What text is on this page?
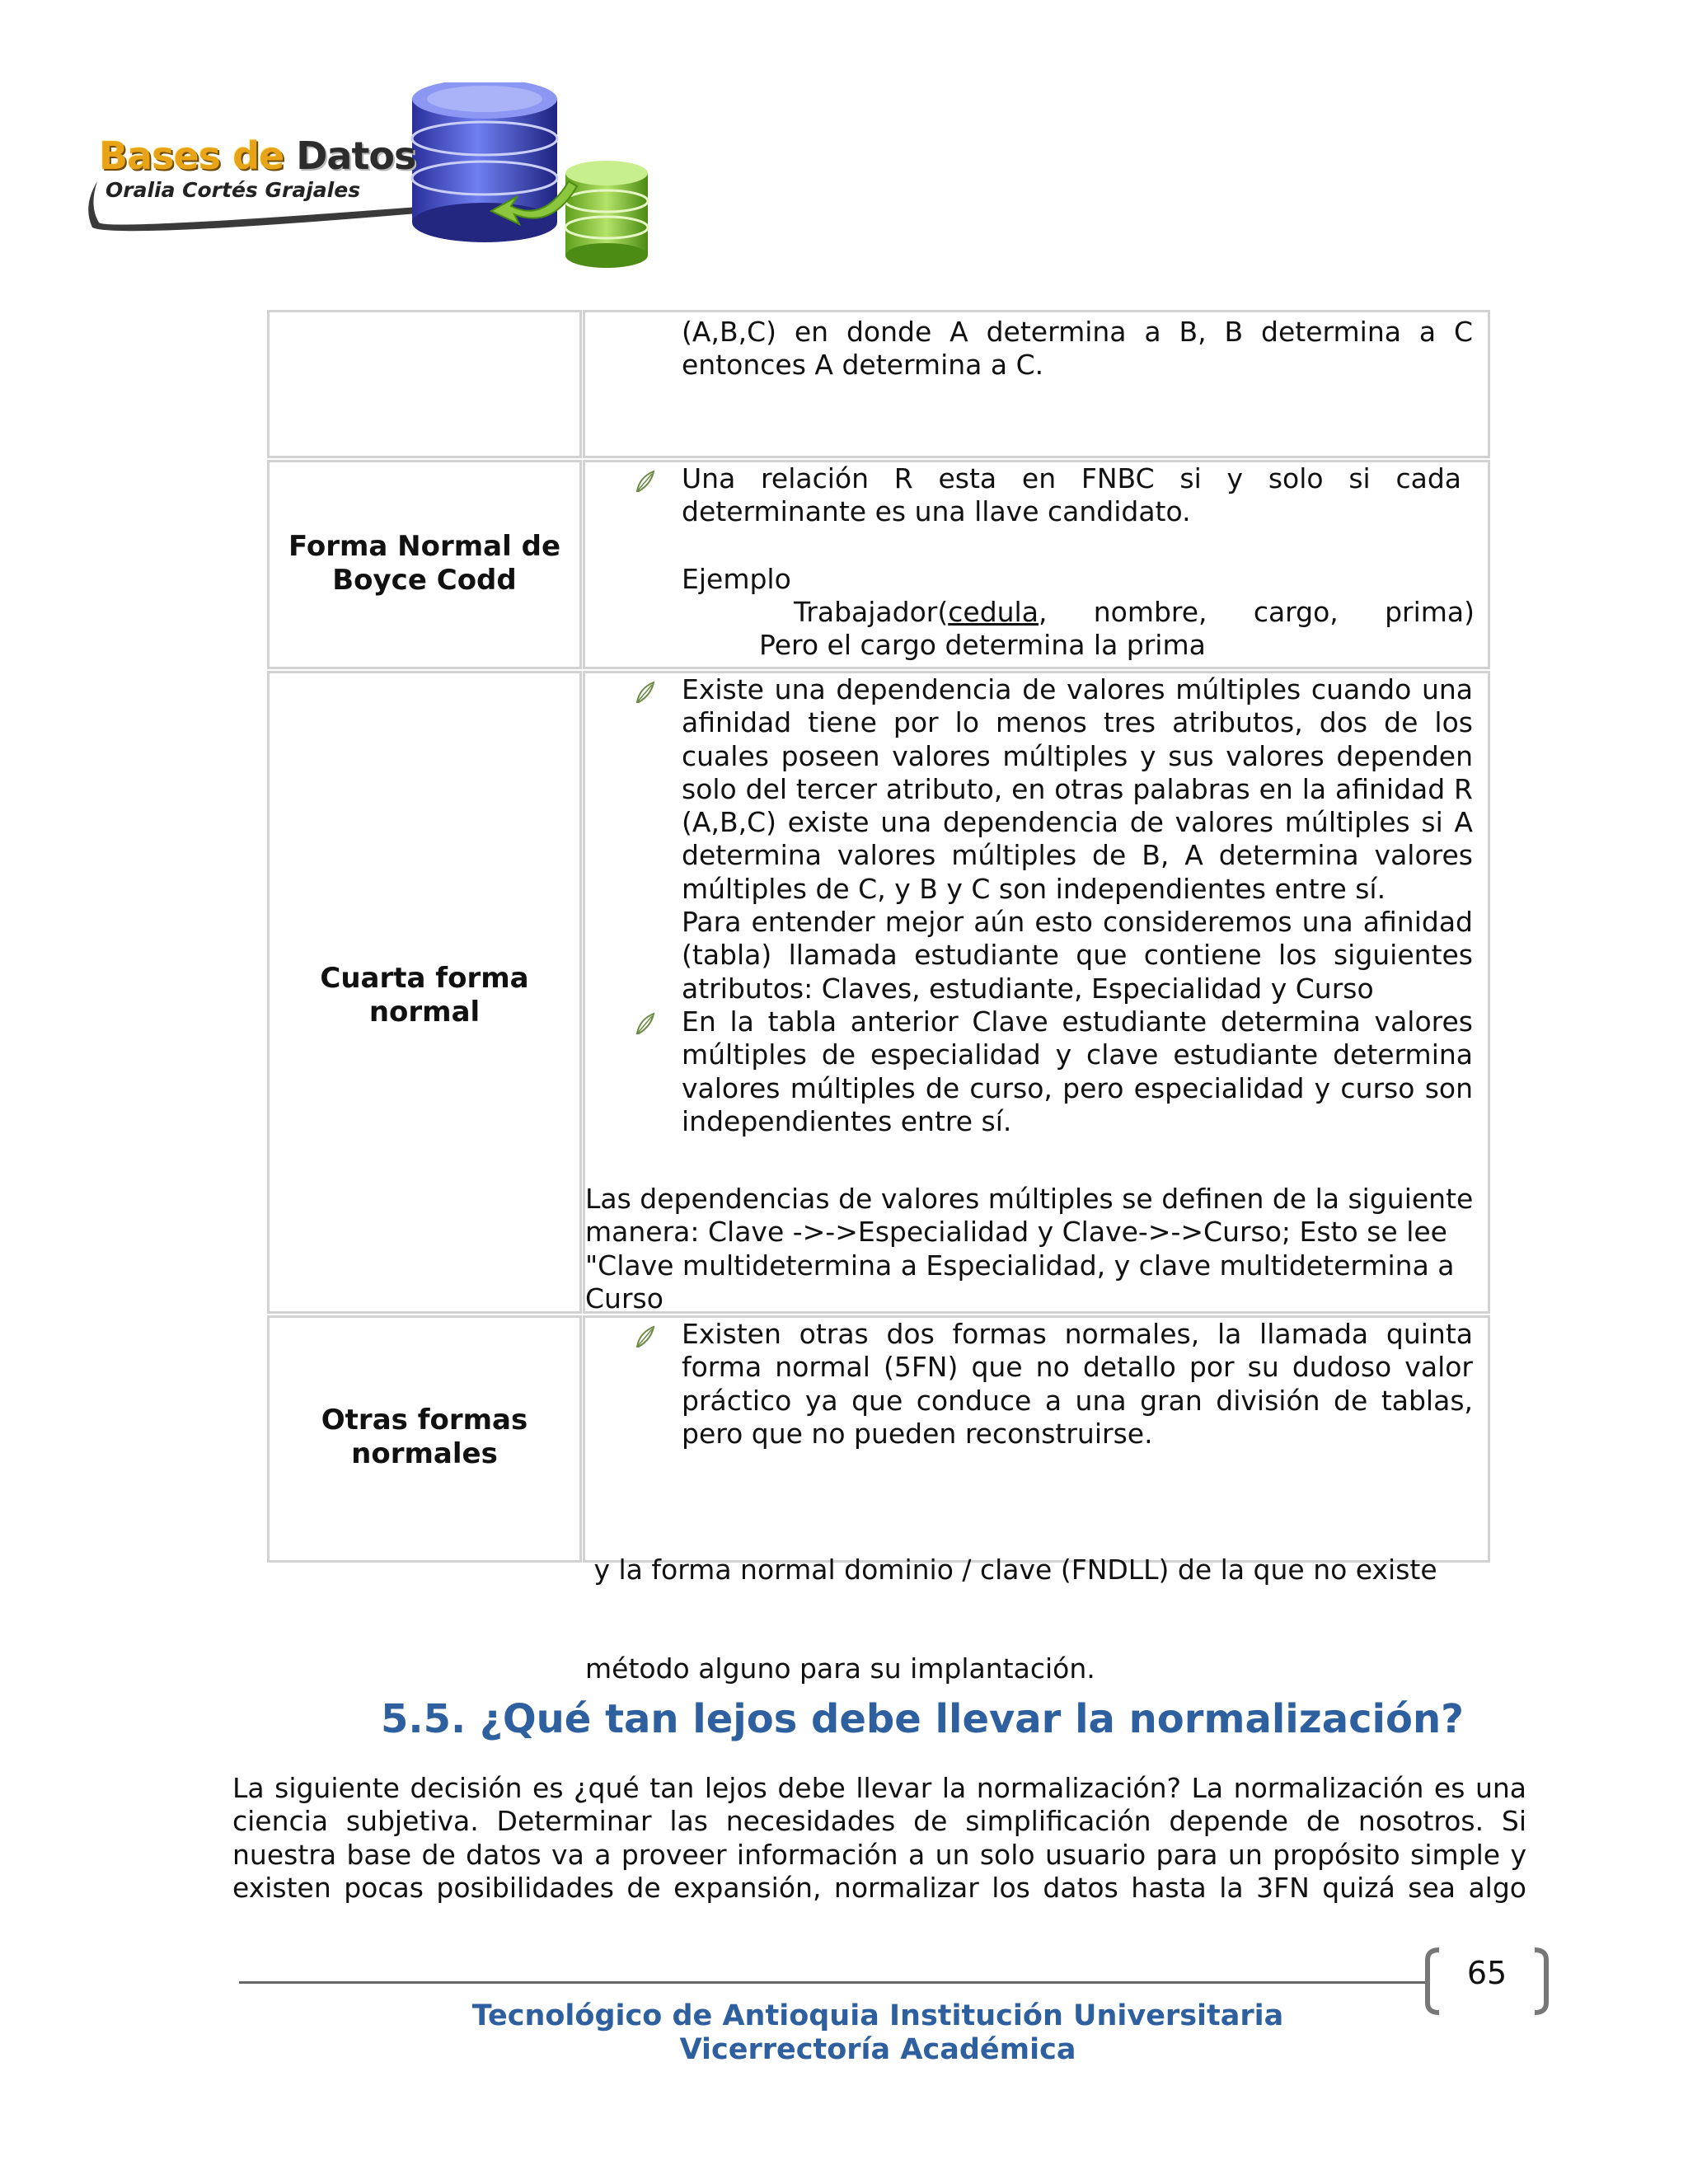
Bases de Datos
Oralia Cortés Grajales
(A,B,C) en donde A determina a B, B determina a C
entonces A determina a C.
Forma Normal de
Boyce Codd
Una relación R esta en FNBC si y solo si cada
determinante es una llave candidato.
Ejemplo
Trabajador(cedula, nombre, cargo, prima)
Pero el cargo determina la prima
Cuarta forma
normal
Existe una dependencia de valores múltiples cuando una
afinidad tiene por lo menos tres atributos, dos de los
cuales poseen valores múltiples y sus valores dependen
solo del tercer atributo, en otras palabras en la afinidad R
(A,B,C) existe una dependencia de valores múltiples si A
determina valores múltiples de B, A determina valores
múltiples de C, y B y C son independientes entre sí.
Para entender mejor aún esto consideremos una afinidad
(tabla) llamada estudiante que contiene los siguientes
atributos: Claves, estudiante, Especialidad y Curso
En la tabla anterior Clave estudiante determina valores
múltiples de especialidad y clave estudiante determina
valores múltiples de curso, pero especialidad y curso son
independientes entre sí.
Las dependencias de valores múltiples se definen de la siguiente
manera: Clave ->->Especialidad y Clave->->Curso; Esto se lee
"Clave multidetermina a Especialidad, y clave multidetermina a
Curso
Otras formas
normales
Existen otras dos formas normales, la llamada quinta
forma normal (5FN) que no detallo por su dudoso valor
práctico ya que conduce a una gran división de tablas,
pero que no pueden reconstruirse.

y la forma normal dominio / clave (FNDLL) de la que no existe

método alguno para su implantación.

5.5. ¿Qué tan lejos debe llevar la normalización?
La siguiente decisión es ¿qué tan lejos debe llevar la normalización? La normalización es una
ciencia subjetiva. Determinar las necesidades de simplificación depende de nosotros. Si
nuestra base de datos va a proveer información a un solo usuario para un propósito simple y
existen pocas posibilidades de expansión, normalizar los datos hasta la 3FN quizá sea algo
65
Tecnológico de Antioquia Institución Universitaria
Vicerrectoría Académica
